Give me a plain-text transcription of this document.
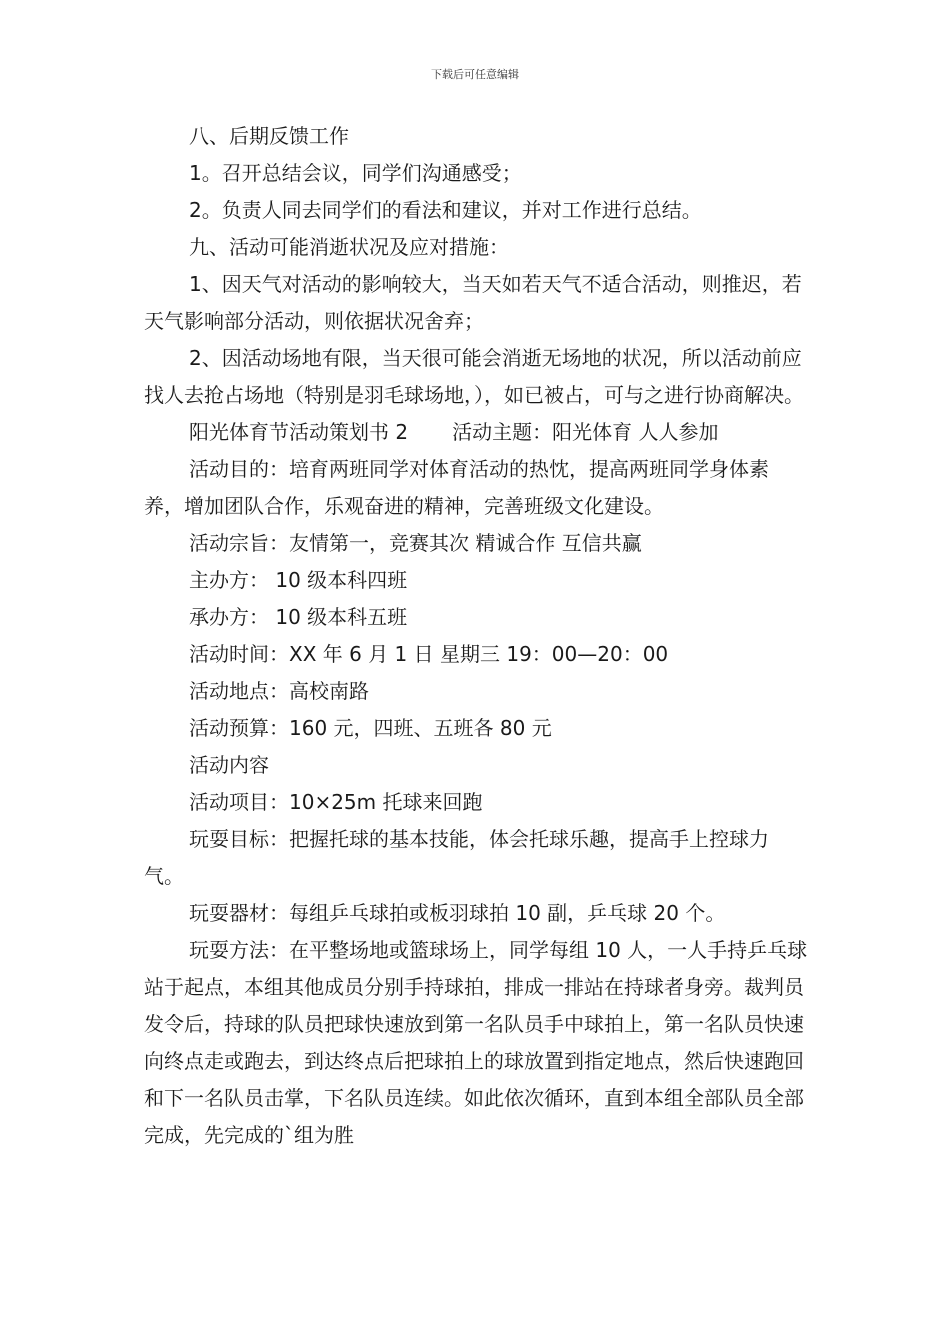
下载后可任意编辑

八、后期反馈工作

1。召开总结会议，同学们沟通感受；

2。负责人同去同学们的看法和建议，并对工作进行总结。

九、活动可能消逝状况及应对措施：

1、因天气对活动的影响较大，当天如若天气不适合活动，则推迟，若天气影响部分活动，则依据状况舍弃；

2、因活动场地有限，当天很可能会消逝无场地的状况，所以活动前应找人去抢占场地（特别是羽毛球场地，），如已被占，可与之进行协商解决。

阳光体育节活动策划书 2 活动主题：阳光体育 人人参加

活动目的：培育两班同学对体育活动的热忱，提高两班同学身体素养，增加团队合作，乐观奋进的精神，完善班级文化建设。

活动宗旨：友情第一，竞赛其次 精诚合作 互信共赢

主办方： 10 级本科四班

承办方： 10 级本科五班

活动时间：XX 年 6 月 1 日 星期三 19：00—20：00

活动地点：高校南路

活动预算：160 元，四班、五班各 80 元

活动内容

活动项目：10×25m 托球来回跑

玩耍目标：把握托球的基本技能，体会托球乐趣，提高手上控球力气。

玩耍器材：每组乒乓球拍或板羽球拍 10 副，乒乓球 20 个。

玩耍方法：在平整场地或篮球场上，同学每组 10 人，一人手持乒乓球站于起点，本组其他成员分别手持球拍，排成一排站在持球者身旁。裁判员发令后，持球的队员把球快速放到第一名队员手中球拍上，第一名队员快速向终点走或跑去，到达终点后把球拍上的球放置到指定地点，然后快速跑回和下一名队员击掌，下名队员连续。如此依次循环，直到本组全部队员全部完成，先完成的`组为胜
